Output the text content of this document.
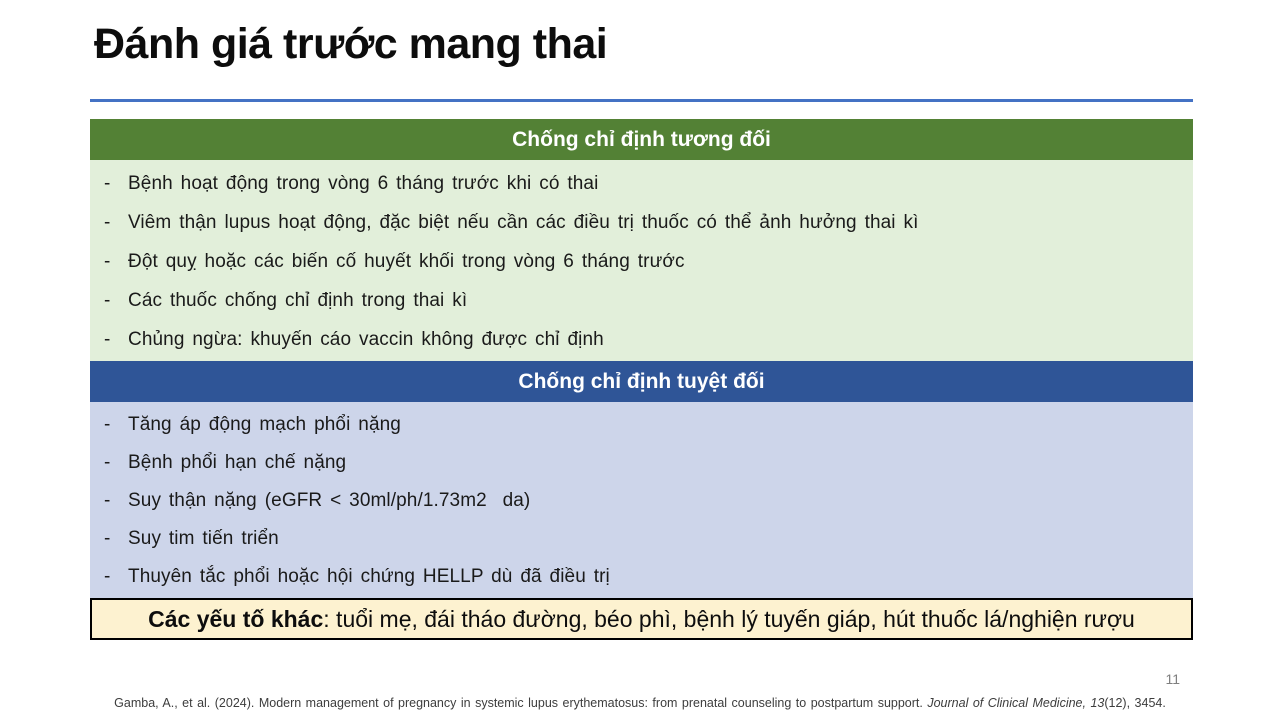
Đánh giá trước mang thai
Chống chỉ định tương đối
- Bệnh hoạt động trong vòng 6 tháng trước khi có thai
- Viêm thận lupus hoạt động, đặc biệt nếu cần các điều trị thuốc có thể ảnh hưởng thai kì
- Đột quỵ hoặc các biến cố huyết khối trong vòng 6 tháng trước
- Các thuốc chống chỉ định trong thai kì
- Chủng ngừa: khuyến cáo vaccin không được chỉ định
Chống chỉ định tuyệt đối
- Tăng áp động mạch phổi nặng
- Bệnh phổi hạn chế nặng
- Suy thận nặng (eGFR < 30ml/ph/1.73m2  da)
- Suy tim tiến triển
- Thuyên tắc phổi hoặc hội chứng HELLP dù đã điều trị
Các yếu tố khác : tuổi mẹ, đái tháo đường, béo phì, bệnh lý tuyến giáp, hút thuốc lá/nghiện rượu
11
Gamba, A., et al. (2024). Modern management of pregnancy in systemic lupus erythematosus: from prenatal counseling to postpartum support. Journal of Clinical Medicine, 13(12), 3454.
